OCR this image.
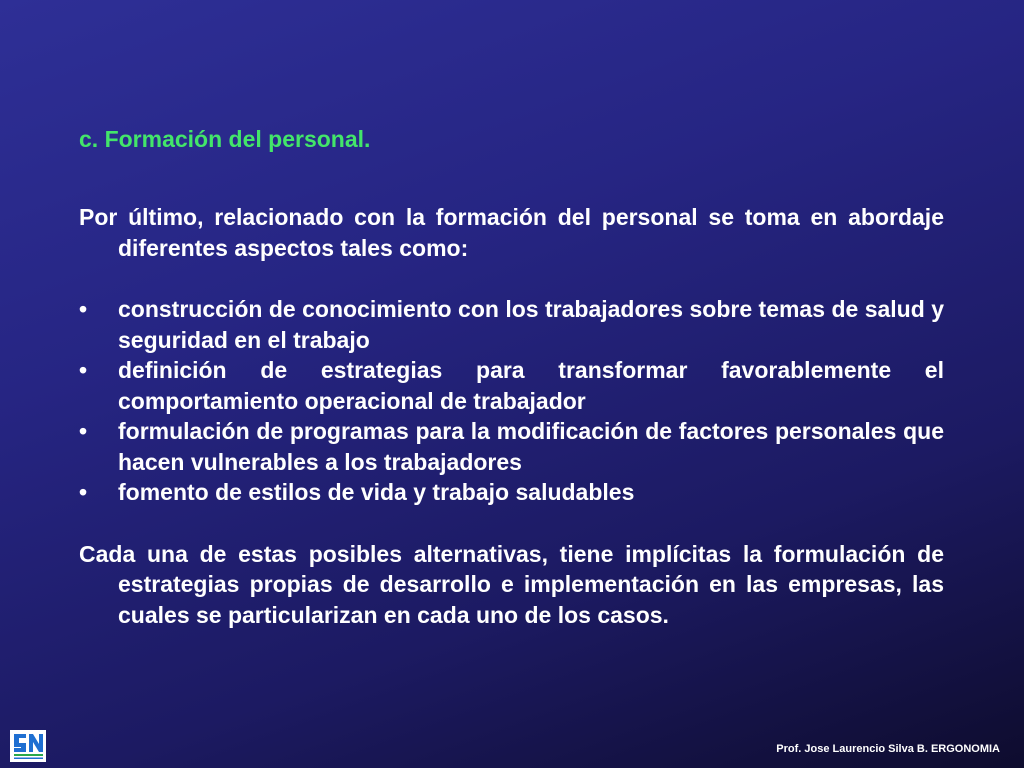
c. Formación del personal.

Por último, relacionado con la formación del personal se toma en abordaje diferentes aspectos tales como:

•	construcción de conocimiento con los trabajadores sobre temas de salud y seguridad en el trabajo
•	definición de estrategias para transformar favorablemente el comportamiento operacional de trabajador
•	formulación de programas para la modificación de factores personales que hacen vulnerables a los trabajadores
•	fomento de estilos de vida y trabajo saludables

Cada una de estas posibles alternativas, tiene implícitas la formulación de estrategias propias de desarrollo e implementación en las empresas, las cuales se particularizan en cada uno de los casos.

Prof. Jose Laurencio Silva B. ERGONOMIA
